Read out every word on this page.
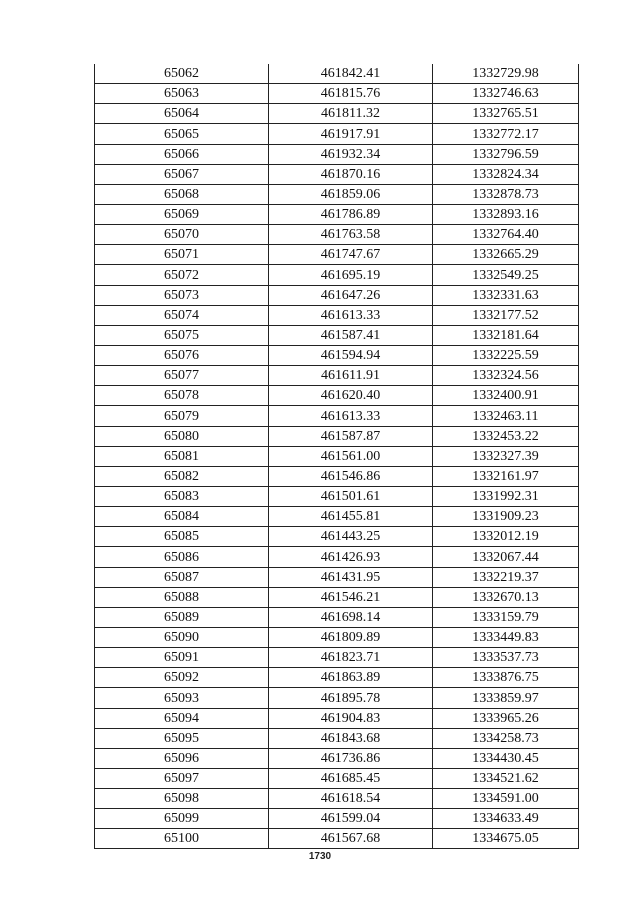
65062	461842.41	1332729.98
65063	461815.76	1332746.63
65064	461811.32	1332765.51
65065	461917.91	1332772.17
65066	461932.34	1332796.59
65067	461870.16	1332824.34
65068	461859.06	1332878.73
65069	461786.89	1332893.16
65070	461763.58	1332764.40
65071	461747.67	1332665.29
65072	461695.19	1332549.25
65073	461647.26	1332331.63
65074	461613.33	1332177.52
65075	461587.41	1332181.64
65076	461594.94	1332225.59
65077	461611.91	1332324.56
65078	461620.40	1332400.91
65079	461613.33	1332463.11
65080	461587.87	1332453.22
65081	461561.00	1332327.39
65082	461546.86	1332161.97
65083	461501.61	1331992.31
65084	461455.81	1331909.23
65085	461443.25	1332012.19
65086	461426.93	1332067.44
65087	461431.95	1332219.37
65088	461546.21	1332670.13
65089	461698.14	1333159.79
65090	461809.89	1333449.83
65091	461823.71	1333537.73
65092	461863.89	1333876.75
65093	461895.78	1333859.97
65094	461904.83	1333965.26
65095	461843.68	1334258.73
65096	461736.86	1334430.45
65097	461685.45	1334521.62
65098	461618.54	1334591.00
65099	461599.04	1334633.49
65100	461567.68	1334675.05
1730
